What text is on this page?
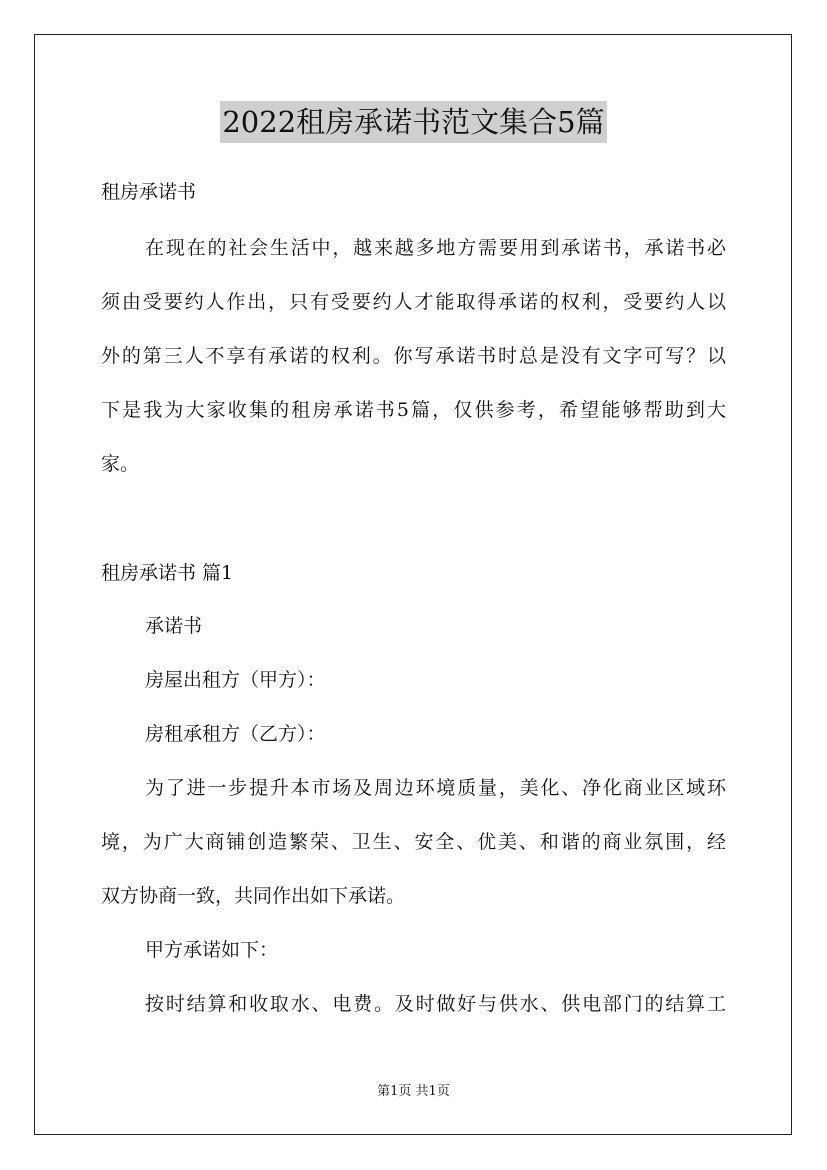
2022租房承诺书范文集合5篇
租房承诺书
在现在的社会生活中，越来越多地方需要用到承诺书，承诺书必
须由受要约人作出，只有受要约人才能取得承诺的权利，受要约人以
外的第三人不享有承诺的权利。你写承诺书时总是没有文字可写？以
下是我为大家收集的租房承诺书5篇，仅供参考，希望能够帮助到大
家。
租房承诺书 篇1
承诺书
房屋出租方（甲方）：
房租承租方（乙方）：
为了进一步提升本市场及周边环境质量，美化、净化商业区域环
境，为广大商铺创造繁荣、卫生、安全、优美、和谐的商业氛围，经
双方协商一致，共同作出如下承诺。
甲方承诺如下：
按时结算和收取水、电费。及时做好与供水、供电部门的结算工
第1页 共1页
